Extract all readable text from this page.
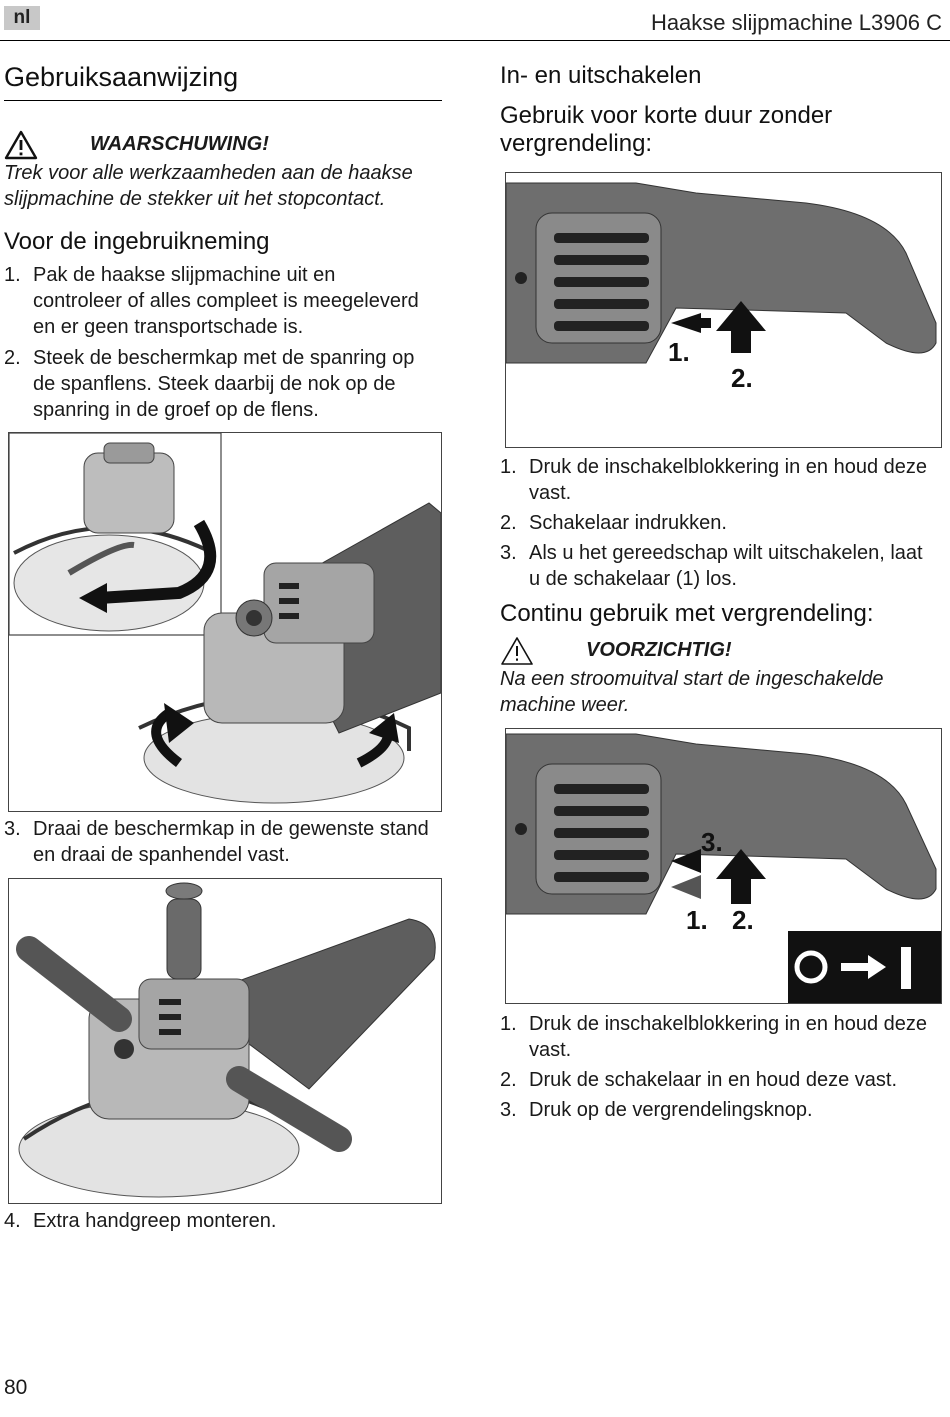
nl	Haakse slijpmachine L3906 C
Gebruiksaanwijzing
WAARSCHUWING!
Trek voor alle werkzaamheden aan de haakse slijpmachine de stekker uit het stopcontact.
Voor de ingebruikneming
1. Pak de haakse slijpmachine uit en controleer of alles compleet is meegeleverd en er geen transportschade is.
2. Steek de beschermkap met de spanring op de spanflens. Steek daarbij de nok op de spanring in de groef op de flens.
3. Draai de beschermkap in de gewenste stand en draai de spanhendel vast.
4. Extra handgreep monteren.
In- en uitschakelen
Gebruik voor korte duur zonder vergrendeling:
1.
2.
1. Druk de inschakelblokkering in en houd deze vast.
2. Schakelaar indrukken.
3. Als u het gereedschap wilt uitschakelen, laat u de schakelaar (1) los.
Continu gebruik met vergrendeling:
VOORZICHTIG!
Na een stroomuitval start de ingeschakelde machine weer.
3.
1. 2.
1. Druk de inschakelblokkering in en houd deze vast.
2. Druk de schakelaar in en houd deze vast.
3. Druk op de vergrendelingsknop.
80
